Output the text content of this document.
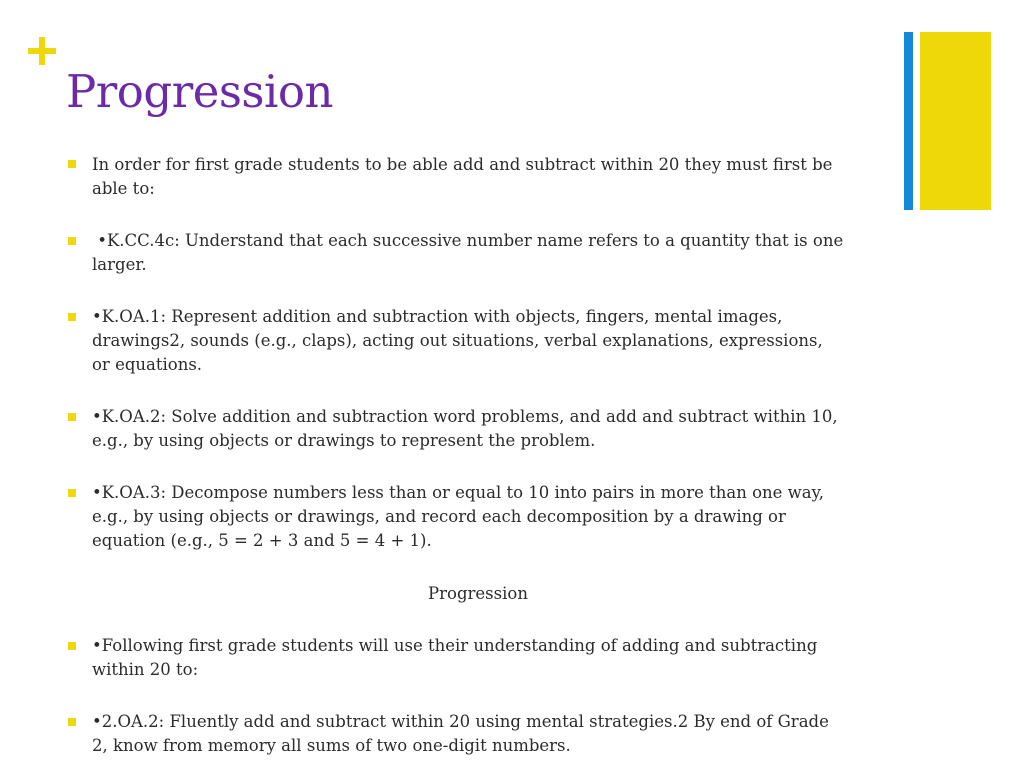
Progression
In order for first grade students to be able add and subtract within 20 they must first be
able to:
•K.CC.4c: Understand that each successive number name refers to a quantity that is one
larger.
•K.OA.1: Represent addition and subtraction with objects, fingers, mental images,
drawings2, sounds (e.g., claps), acting out situations, verbal explanations, expressions,
or equations.
•K.OA.2: Solve addition and subtraction word problems, and add and subtract within 10,
e.g., by using objects or drawings to represent the problem.
•K.OA.3: Decompose numbers less than or equal to 10 into pairs in more than one way,
e.g., by using objects or drawings, and record each decomposition by a drawing or
equation (e.g., 5 = 2 + 3 and 5 = 4 + 1).
Progression
•Following first grade students will use their understanding of adding and subtracting
within 20 to:
•2.OA.2: Fluently add and subtract within 20 using mental strategies.2 By end of Grade
2, know from memory all sums of two one-digit numbers.
